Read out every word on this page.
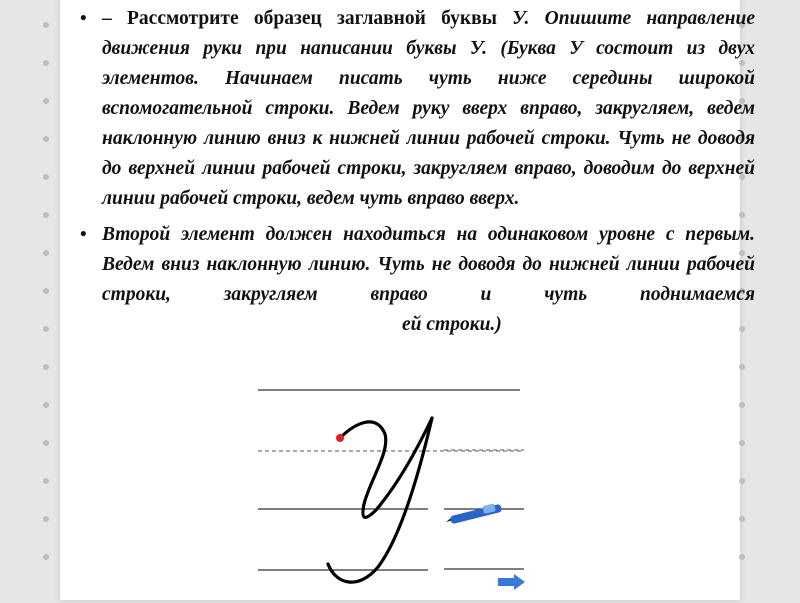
• – Рассмотрите образец заглавной буквы У. Опишите направление движения руки при написании буквы У. (Буква У состоит из двух элементов. Начинаем писать чуть ниже середины широкой вспомогательной строки. Ведем руку вверх вправо, закругляем, ведем наклонную линию вниз к нижней линии рабочей строки. Чуть не доводя до верхней линии рабочей строки, закругляем вправо, доводим до верхней линии рабочей строки, ведем чуть вправо вверх.
• Второй элемент должен находиться на одинаковом уровне с первым. Ведем вниз наклонную линию. Чуть не доводя до нижней линии рабочей строки, закругляем вправо и чуть поднимаемся ей строки.)
